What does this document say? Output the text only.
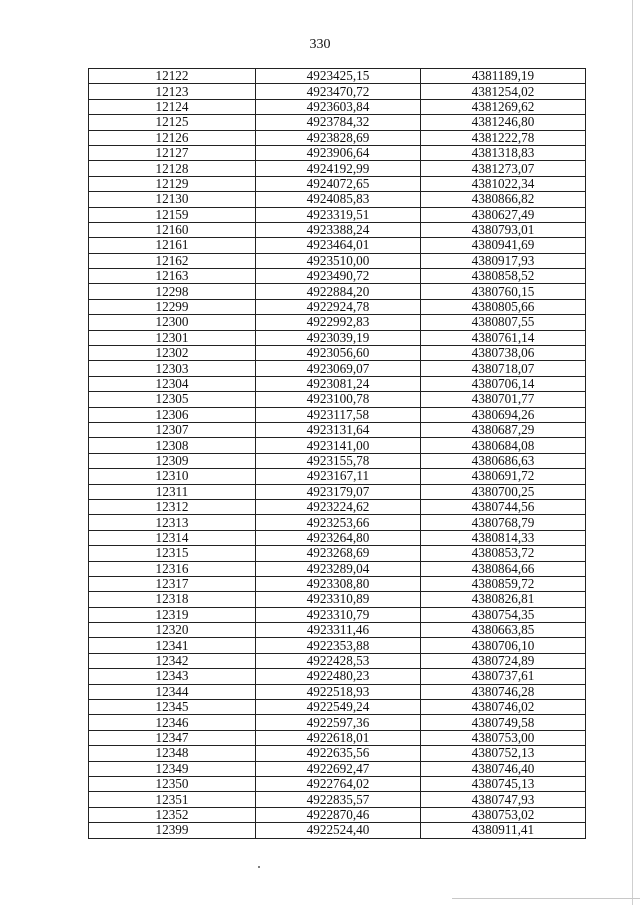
330
12122	4923425,15	4381189,19
12123	4923470,72	4381254,02
12124	4923603,84	4381269,62
12125	4923784,32	4381246,80
12126	4923828,69	4381222,78
12127	4923906,64	4381318,83
12128	4924192,99	4381273,07
12129	4924072,65	4381022,34
12130	4924085,83	4380866,82
12159	4923319,51	4380627,49
12160	4923388,24	4380793,01
12161	4923464,01	4380941,69
12162	4923510,00	4380917,93
12163	4923490,72	4380858,52
12298	4922884,20	4380760,15
12299	4922924,78	4380805,66
12300	4922992,83	4380807,55
12301	4923039,19	4380761,14
12302	4923056,60	4380738,06
12303	4923069,07	4380718,07
12304	4923081,24	4380706,14
12305	4923100,78	4380701,77
12306	4923117,58	4380694,26
12307	4923131,64	4380687,29
12308	4923141,00	4380684,08
12309	4923155,78	4380686,63
12310	4923167,11	4380691,72
12311	4923179,07	4380700,25
12312	4923224,62	4380744,56
12313	4923253,66	4380768,79
12314	4923264,80	4380814,33
12315	4923268,69	4380853,72
12316	4923289,04	4380864,66
12317	4923308,80	4380859,72
12318	4923310,89	4380826,81
12319	4923310,79	4380754,35
12320	4923311,46	4380663,85
12341	4922353,88	4380706,10
12342	4922428,53	4380724,89
12343	4922480,23	4380737,61
12344	4922518,93	4380746,28
12345	4922549,24	4380746,02
12346	4922597,36	4380749,58
12347	4922618,01	4380753,00
12348	4922635,56	4380752,13
12349	4922692,47	4380746,40
12350	4922764,02	4380745,13
12351	4922835,57	4380747,93
12352	4922870,46	4380753,02
12399	4922524,40	4380911,41
